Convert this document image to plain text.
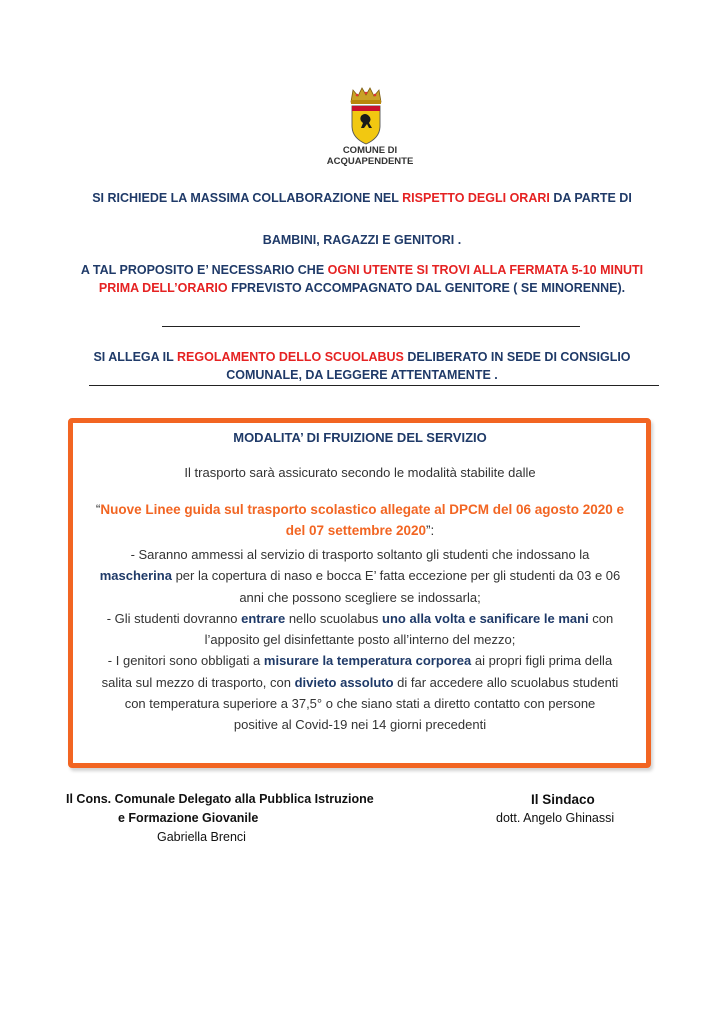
COMUNE DI
ACQUAPENDENTE
SI RICHIEDE LA MASSIMA COLLABORAZIONE NEL RISPETTO DEGLI ORARI DA PARTE DI
BAMBINI, RAGAZZI E GENITORI .
A TAL PROPOSITO E’ NECESSARIO CHE OGNI UTENTE SI TROVI ALLA FERMATA 5-10 MINUTI
PRIMA DELL’ORARIO FPREVISTO ACCOMPAGNATO DAL GENITORE ( SE MINORENNE).
SI ALLEGA IL REGOLAMENTO DELLO SCUOLABUS DELIBERATO IN SEDE DI CONSIGLIO
COMUNALE, DA LEGGERE ATTENTAMENTE .
MODALITA’ DI FRUIZIONE DEL SERVIZIO
Il trasporto sarà assicurato secondo le modalità stabilite dalle
“Nuove Linee guida sul trasporto scolastico allegate al DPCM del 06 agosto 2020 e
del 07 settembre 2020”:
- Saranno ammessi al servizio di trasporto soltanto gli studenti che indossano la
mascherina per la copertura di naso e bocca E’ fatta eccezione per gli studenti da 03 e 06
anni che possono scegliere se indossarla;
- Gli studenti dovranno entrare nello scuolabus uno alla volta e sanificare le mani con
l’apposito gel disinfettante posto all’interno del mezzo;
- I genitori sono obbligati a misurare la temperatura corporea ai propri figli prima della
salita sul mezzo di trasporto, con divieto assoluto di far accedere allo scuolabus studenti
con temperatura superiore a 37,5° o che siano stati a diretto contatto con persone
positive al Covid-19 nei 14 giorni precedenti
Il Cons. Comunale Delegato alla Pubblica Istruzione
e Formazione Giovanile
Gabriella Brenci
Il Sindaco
dott. Angelo Ghinassi
